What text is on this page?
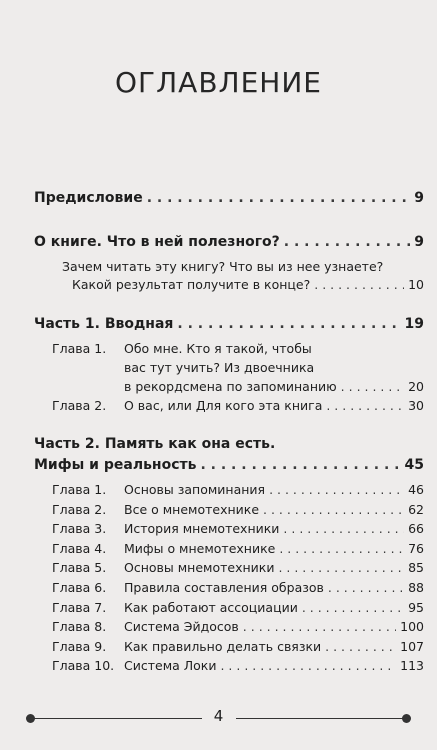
ОГЛАВЛЕНИЕ
Предисловие . . .	9
О книге. Что в ней полезного? . . .	9
Зачем читать эту книгу? Что вы из нее узнаете?
Какой результат получите в конце? . . .	10
Часть 1. Вводная . . .	19
Глава 1. Обо мне. Кто я такой, чтобы
вас тут учить? Из двоечника
в рекордсмена по запоминанию . . .	20
Глава 2.	О вас, или Для кого эта книга . . .	30
Часть 2. Память как она есть.
Мифы и реальность . . .	45
Глава 1.	Основы запоминания . . .	46
Глава 2.	Все о мнемотехнике . . .	62
Глава 3.	История мнемотехники . . .	66
Глава 4.	Мифы о мнемотехнике . . .	76
Глава 5.	Основы мнемотехники . . .	85
Глава 6.	Правила составления образов . . .	88
Глава 7.	Как работают ассоциации . . .	95
Глава 8.	Система Эйдосов . . .	100
Глава 9.	Как правильно делать связки . . .	107
Глава 10. Система Локи . . .	113
4
